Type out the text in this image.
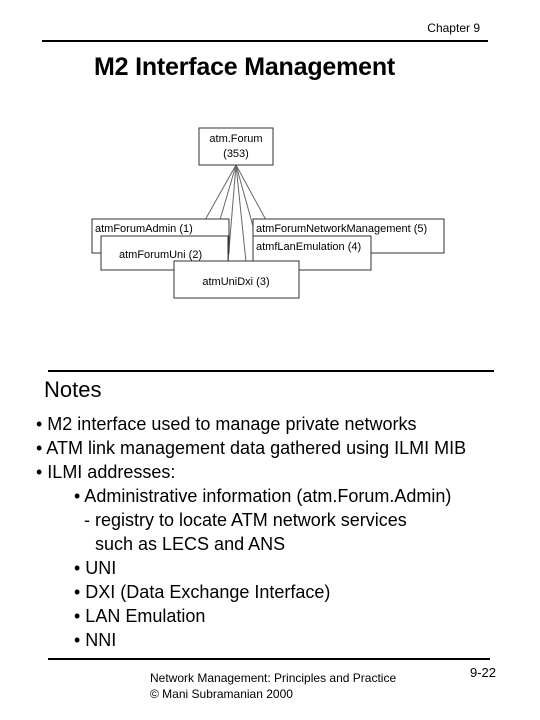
Chapter 9
M2 Interface Management
atm.Forum
(353)
atmForumAdmin (1)	atmForumNetworkManagement (5)
atmForumUni (2)
atmfLanEmulation (4)
atmUniDxi (3)
Notes
• M2 interface used to manage private networks
• ATM link management data gathered using ILMI MIB
• ILMI addresses:
• Administrative information (atm.Forum.Admin)
- registry to locate ATM network services
such as LECS and ANS
• UNI
• DXI (Data Exchange Interface)
• LAN Emulation
• NNI
Network Management: Principles and Practice
© Mani Subramanian 2000
9-22
